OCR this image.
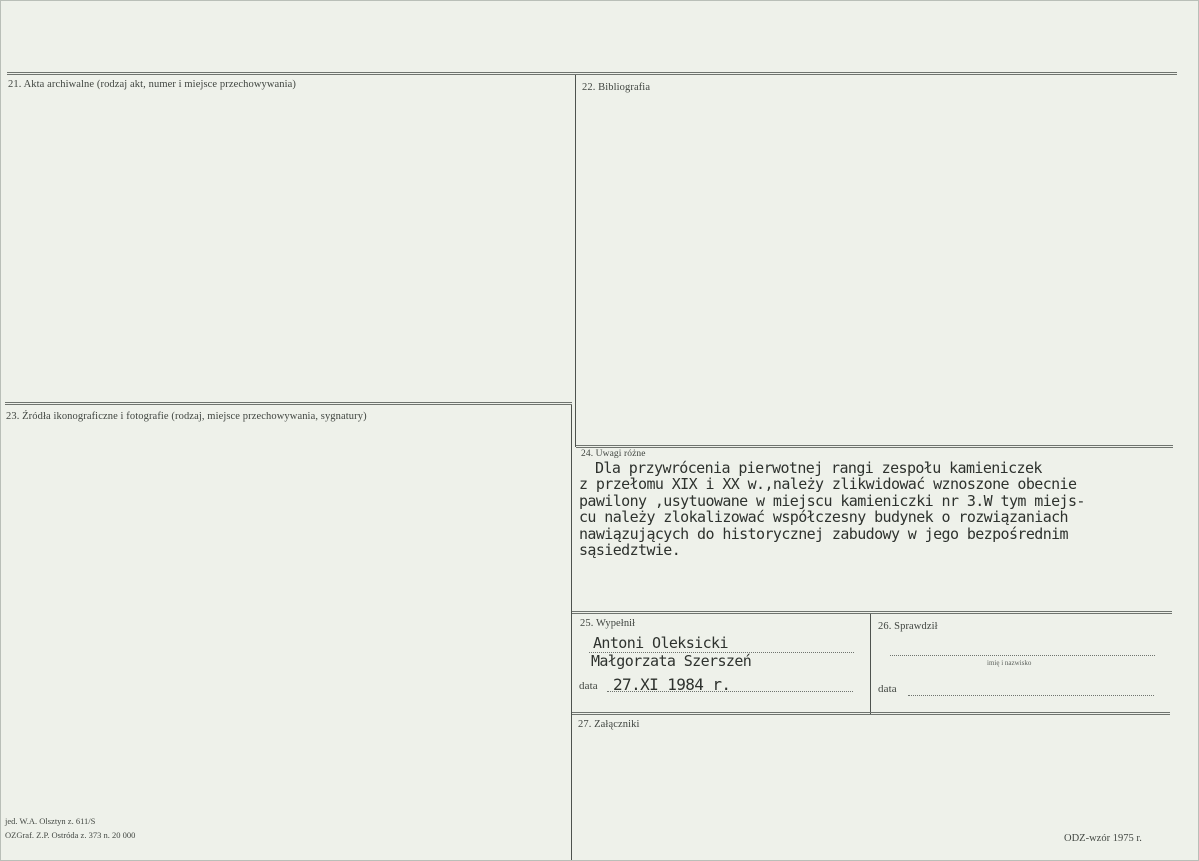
21. Akta archiwalne (rodzaj akt, numer i miejsce przechowywania)	22. Bibliografia
23. Źródła ikonograficzne i fotografie (rodzaj, miejsce przechowywania, sygnatury)
24. Uwagi różne
Dla przywrócenia pierwotnej rangi zespołu kamieniczek
z przełomu XIX i XX w.,należy zlikwidować wznoszone obecnie
pawilony ,usytuowane w miejscu kamieniczki nr 3.W tym miejs-
cu należy zlokalizować współczesny budynek o rozwiązaniach
nawiązujących do historycznej zabudowy w jego bezpośrednim
sąsiedztwie.
25. Wypełnił
Antoni Oleksicki
Małgorzata Szerszeń
data 27.XI 1984 r.
26. Sprawdził
imię i nazwisko
data
27. Załączniki
jed. W.A. Olsztyn z. 611/S
OZGraf. Z.P. Ostróda z. 373 n. 20 000	ODZ-wzór 1975 r.
